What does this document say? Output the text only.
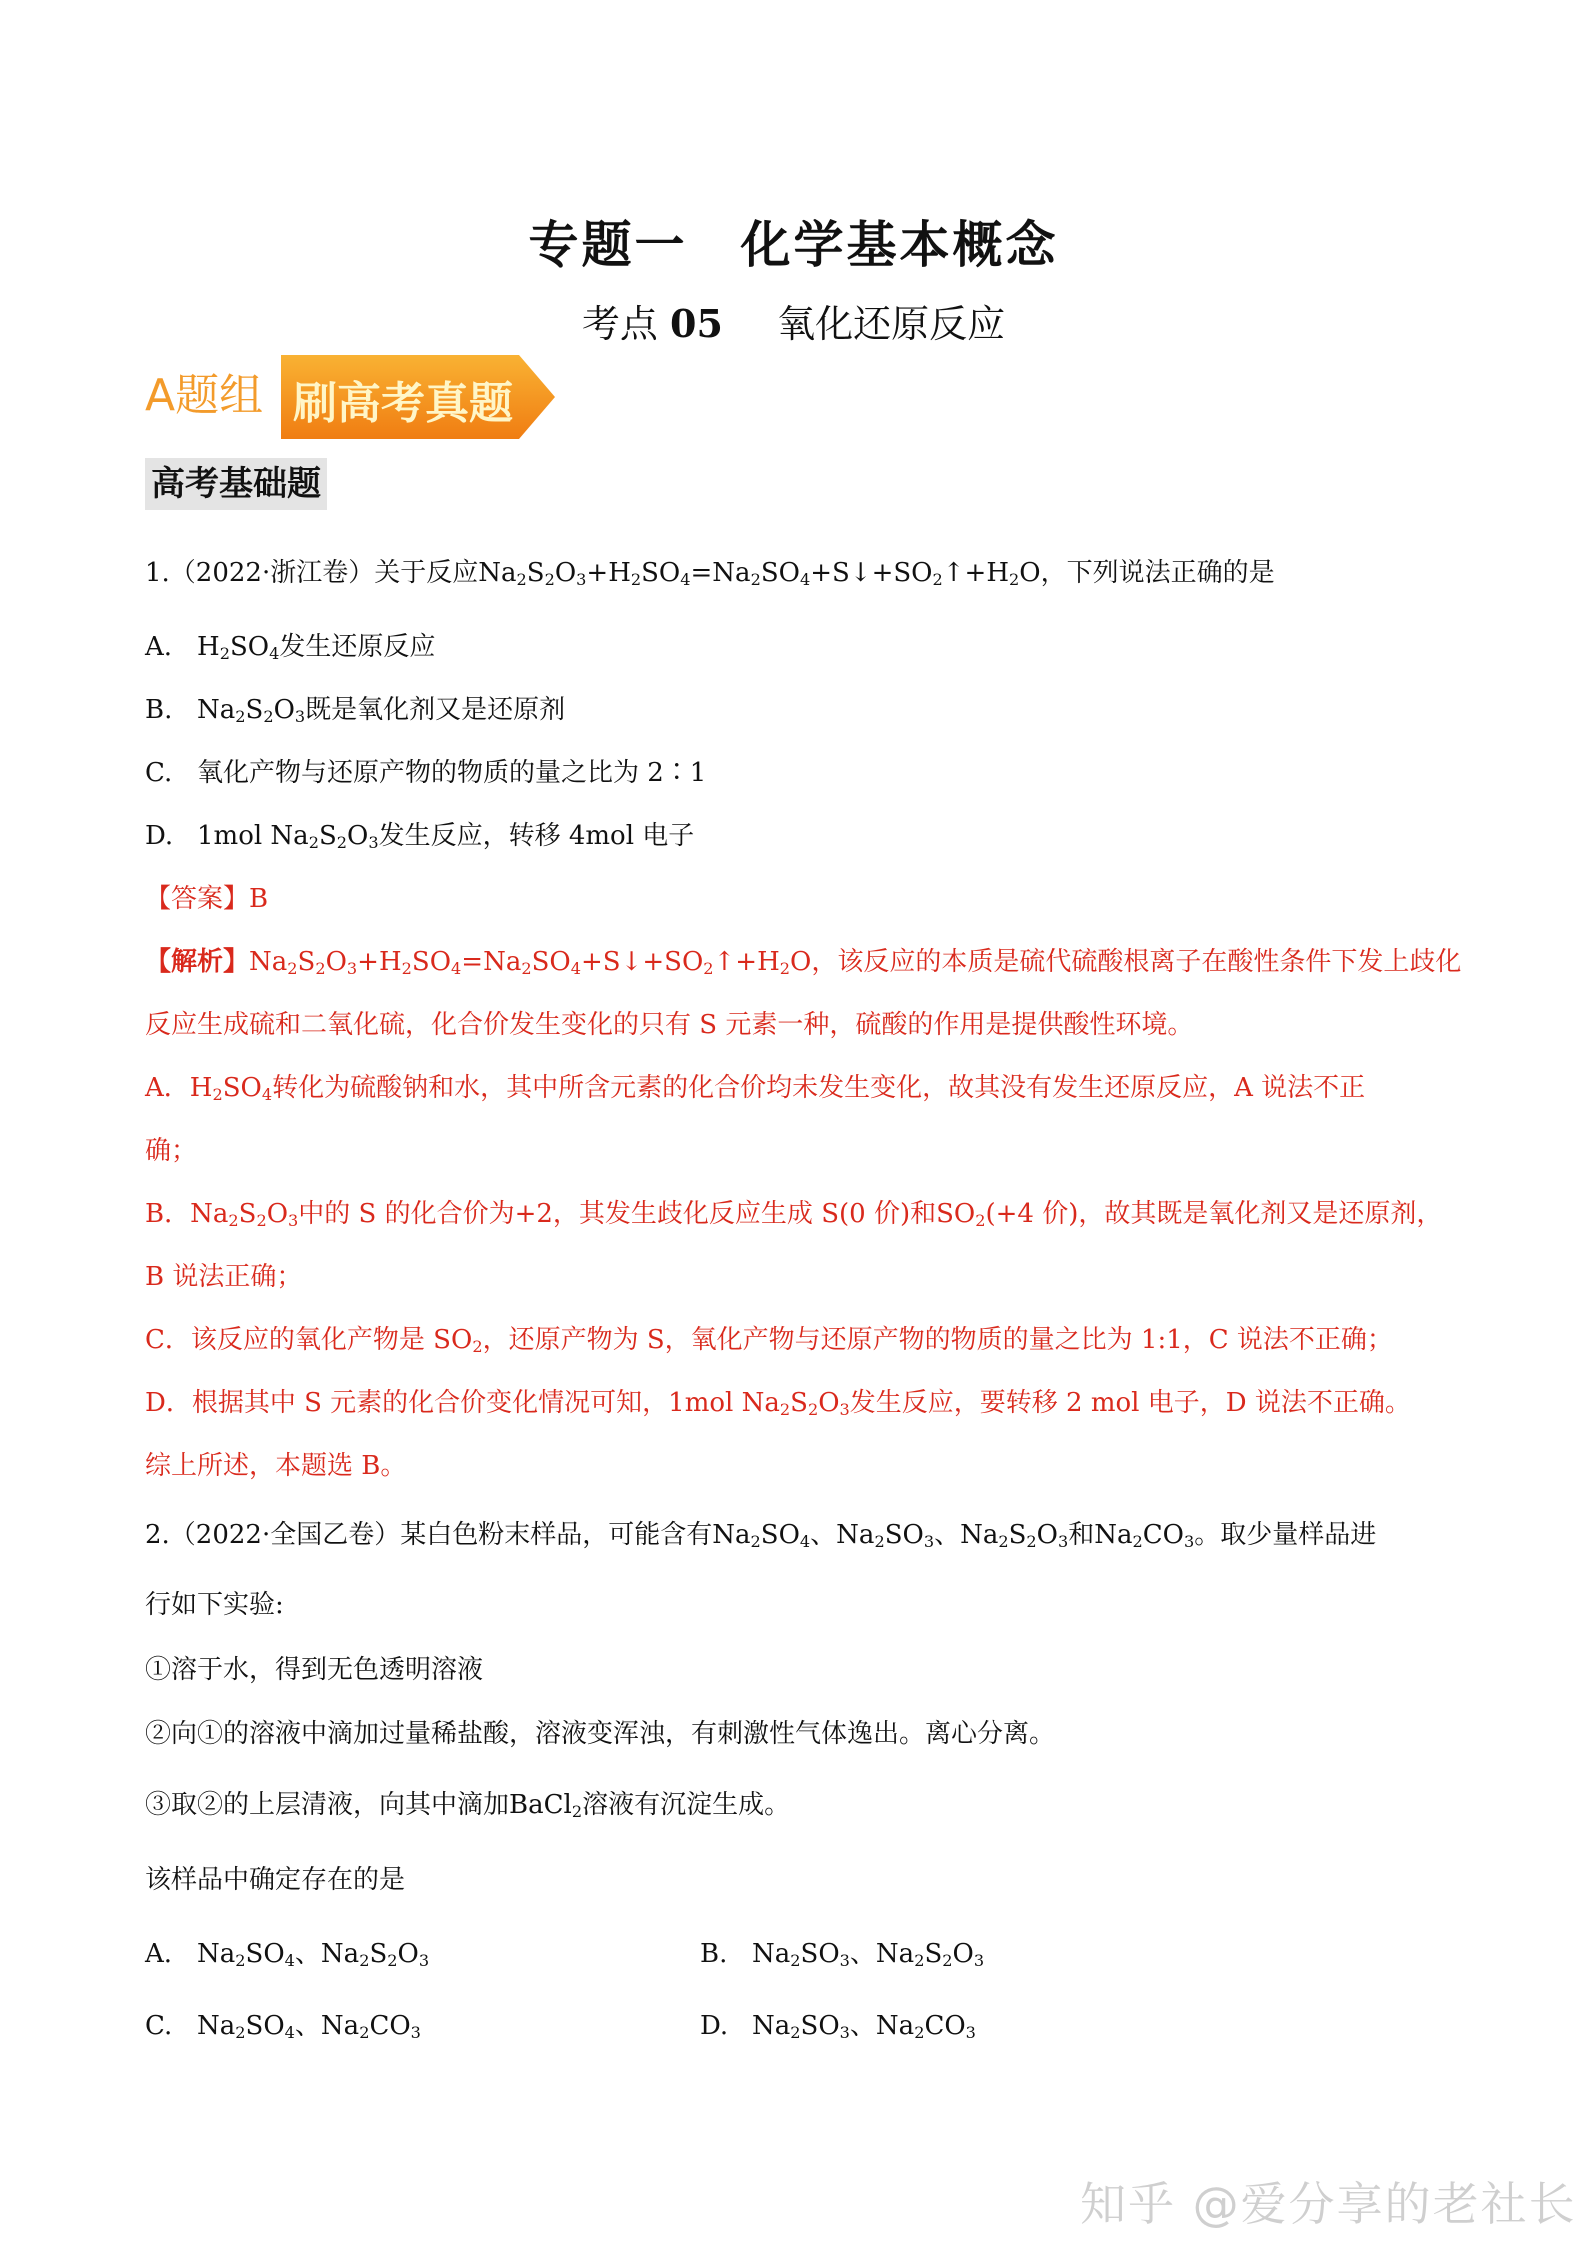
专题一　化学基本概念
考点 05 氧化还原反应
A题组 刷高考真题
高考基础题
1.（2022·浙江卷）关于反应$Na_2S_2O_3+H_2SO_4=Na_2SO_4+S↓+SO_2↑+H_2O$，下列说法正确的是
A. $H_2SO_4$发生还原反应
B. $Na_2S_2O_3$既是氧化剂又是还原剂
C. 氧化产物与还原产物的物质的量之比为 2∶1
D. 1mol $Na_2S_2O_3$发生反应，转移 4mol 电子
【答案】B
【解析】$Na_2S_2O_3+H_2SO_4=Na_2SO_4+S↓+SO_2↑+H_2O$，该反应的本质是硫代硫酸根离子在酸性条件下发上歧化
反应生成硫和二氧化硫，化合价发生变化的只有 S 元素一种，硫酸的作用是提供酸性环境。
A．$H_2SO_4$转化为硫酸钠和水，其中所含元素的化合价均未发生变化，故其没有发生还原反应，A 说法不正
确；
B．$Na_2S_2O_3$中的 S 的化合价为+2，其发生歧化反应生成 S(0 价)和$SO_2(+4$ 价)，故其既是氧化剂又是还原剂，
B 说法正确；
C．该反应的氧化产物是 $SO_2$，还原产物为 S，氧化产物与还原产物的物质的量之比为 1:1，C 说法不正确；
D．根据其中 S 元素的化合价变化情况可知，1mol $Na_2S_2O_3$发生反应，要转移 2 mol 电子，D 说法不正确。
综上所述，本题选 B。
2.（2022·全国乙卷）某白色粉末样品，可能含有$Na_2SO_4$、$Na_2SO_3$、$Na_2S_2O_3$和$Na_2CO_3$。取少量样品进
行如下实验:
①溶于水，得到无色透明溶液
②向①的溶液中滴加过量稀盐酸，溶液变浑浊，有刺激性气体逸出。离心分离。
③取②的上层清液，向其中滴加BaCl$_2$溶液有沉淀生成。
该样品中确定存在的是
A. $Na_2SO_4$、$Na_2S_2O_3$	B. $Na_2SO_3$、$Na_2S_2O_3$
C. $Na_2SO_4$、$Na_2CO_3$	D. $Na_2SO_3$、$Na_2CO_3$
知乎 @爱分享的老社长
